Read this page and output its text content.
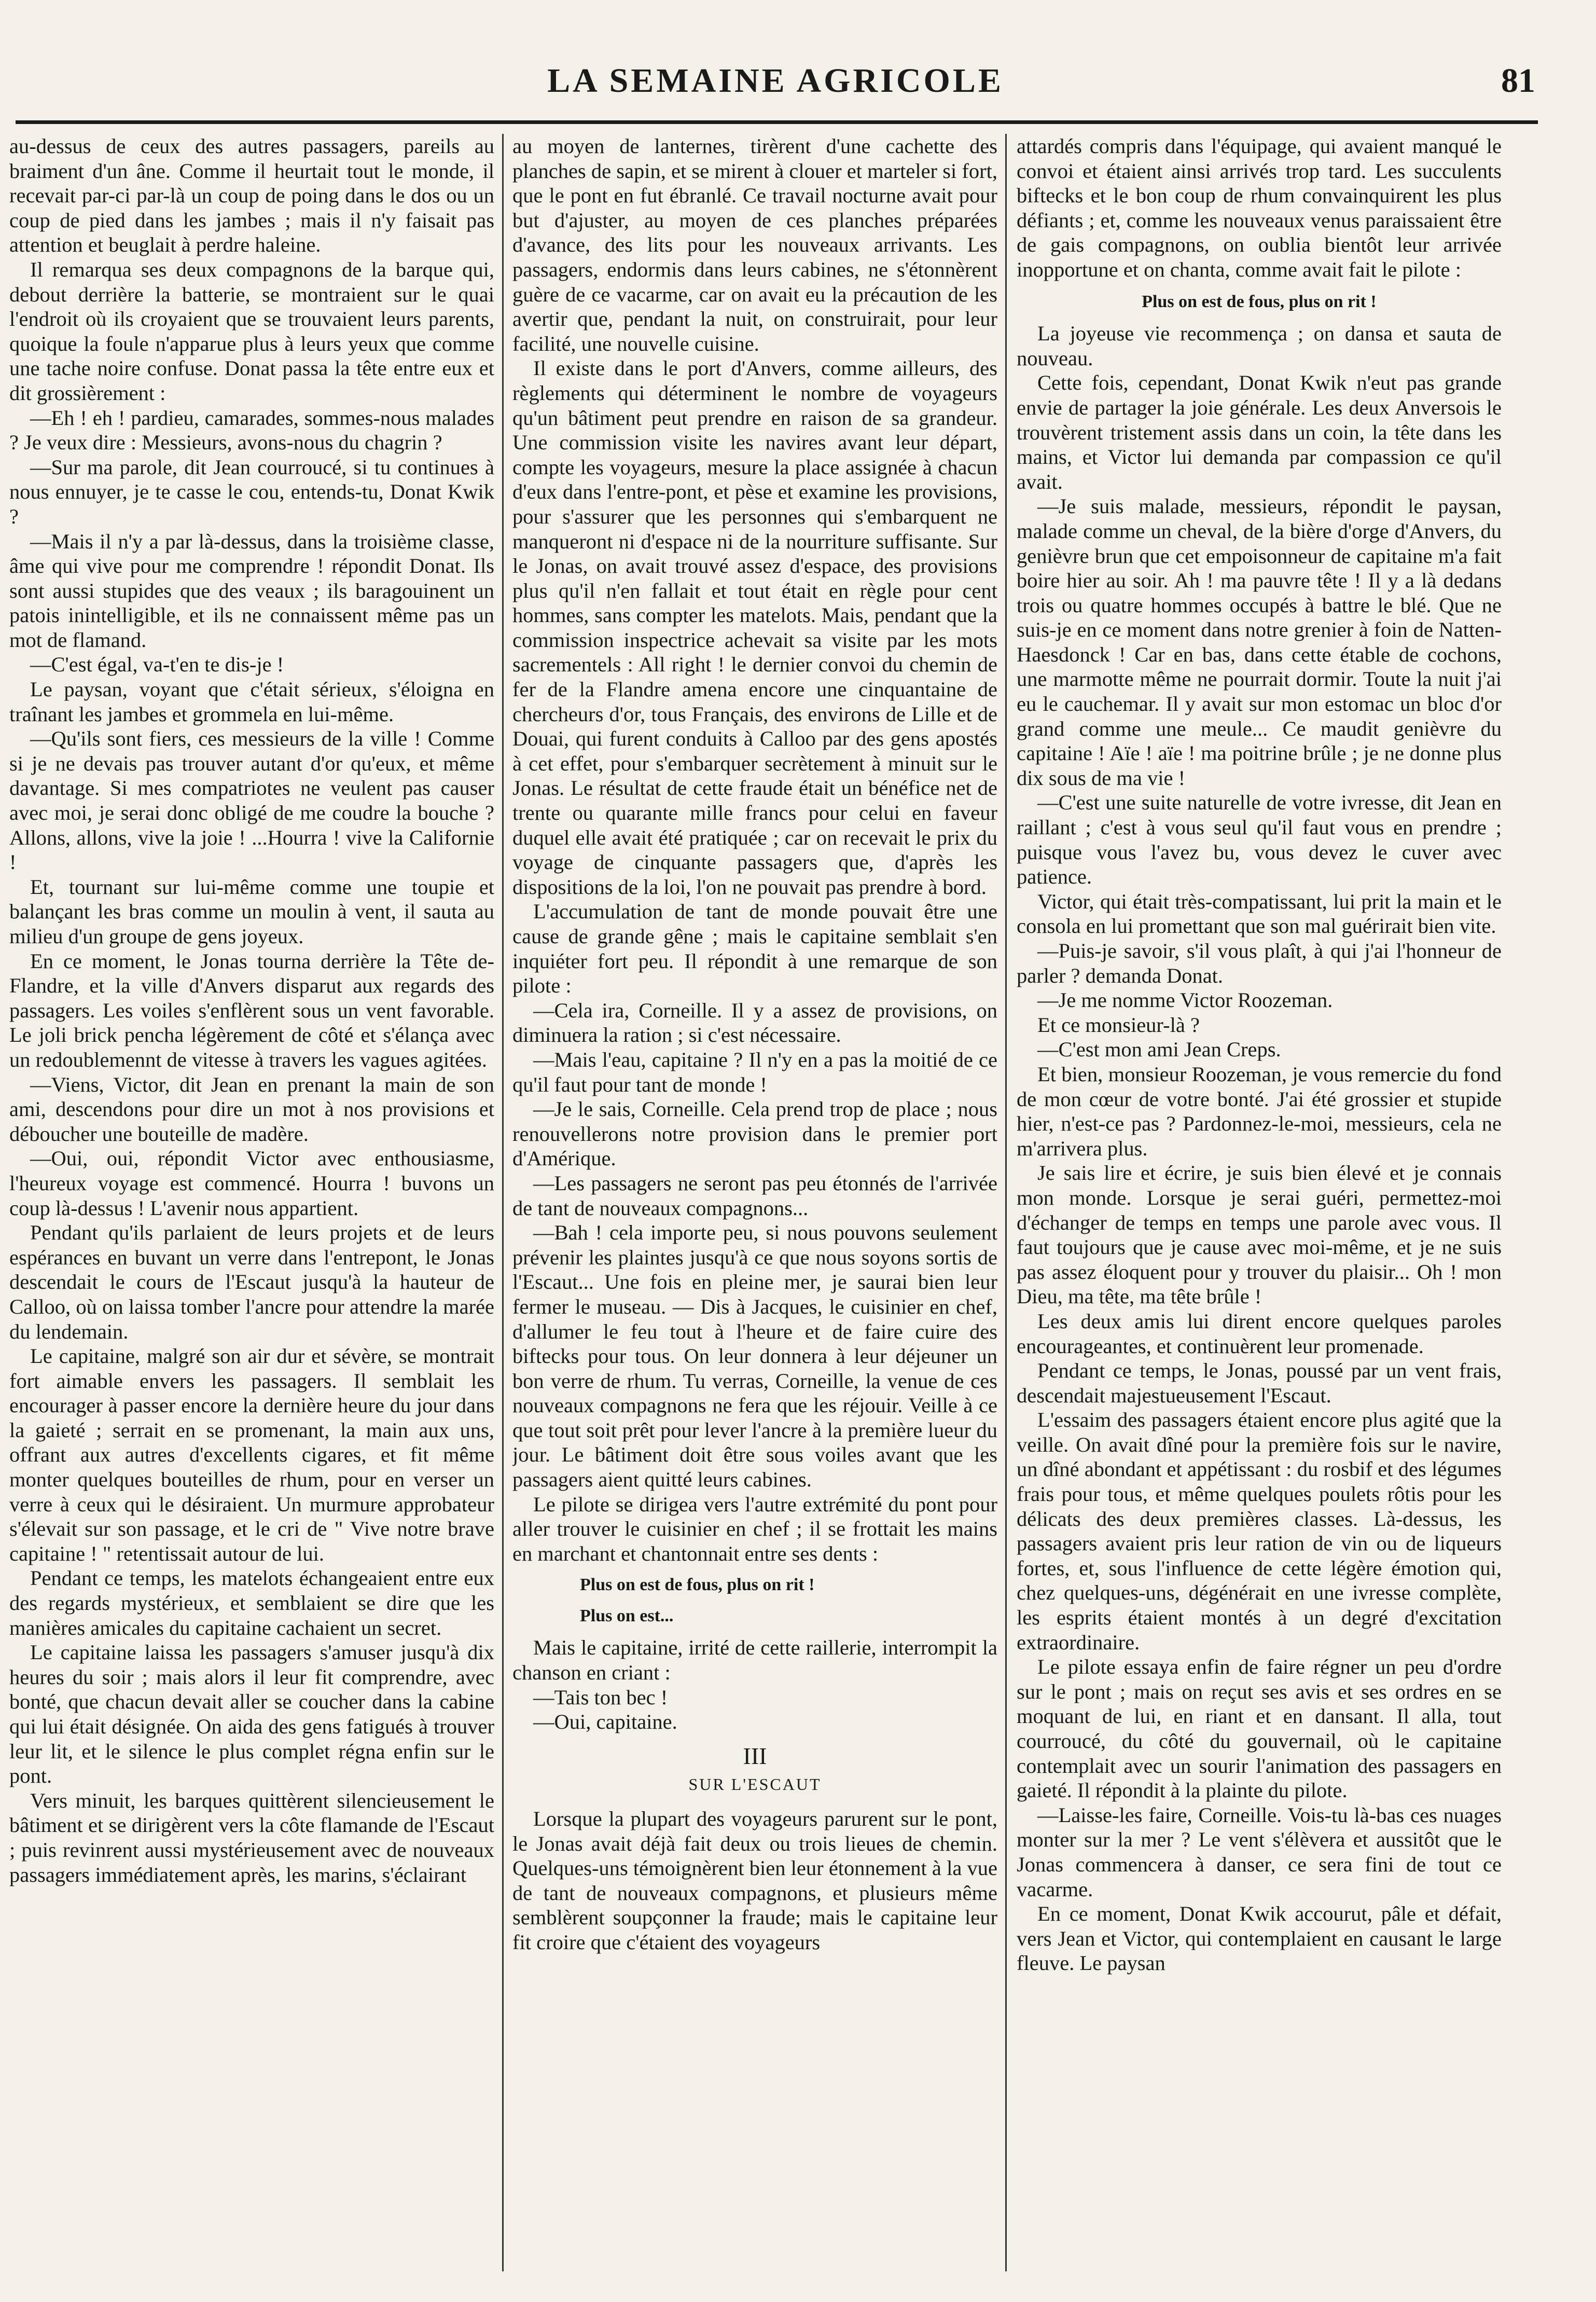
LA SEMAINE AGRICOLE	81

au-dessus de ceux des autres passagers, pareils au braiment d'un âne. Comme il heurtait tout le monde, il recevait par-ci par-là un coup de poing dans le dos ou un coup de pied dans les jambes ; mais il n'y faisait pas attention et beuglait à perdre haleine.

Il remarqua ses deux compagnons de la barque qui, debout derrière la batterie, se montraient sur le quai l'endroit où ils croyaient que se trouvaient leurs parents, quoique la foule n'apparue plus à leurs yeux que comme une tache noire confuse. Donat passa la tête entre eux et dit grossièrement :

—Eh ! eh ! pardieu, camarades, sommes-nous malades ? Je veux dire : Messieurs, avons-nous du chagrin ?

—Sur ma parole, dit Jean courroucé, si tu continues à nous ennuyer, je te casse le cou, entends-tu, Donat Kwik ?

—Mais il n'y a par là-dessus, dans la troisième classe, âme qui vive pour me comprendre ! répondit Donat. Ils sont aussi stupides que des veaux ; ils baragouinent un patois inintelligible, et ils ne connaissent même pas un mot de flamand.

—C'est égal, va-t'en te dis-je !

Le paysan, voyant que c'était sérieux, s'éloigna en traînant les jambes et grommela en lui-même.

—Qu'ils sont fiers, ces messieurs de la ville ! Comme si je ne devais pas trouver autant d'or qu'eux, et même davantage. Si mes compatriotes ne veulent pas causer avec moi, je serai donc obligé de me coudre la bouche ? Allons, allons, vive la joie ! ...Hourra ! vive la Californie !

Et, tournant sur lui-même comme une toupie et balançant les bras comme un moulin à vent, il sauta au milieu d'un groupe de gens joyeux.

En ce moment, le Jonas tourna derrière la Tête de-Flandre, et la ville d'Anvers disparut aux regards des passagers. Les voiles s'enflèrent sous un vent favorable. Le joli brick pencha légèrement de côté et s'élança avec un redoublemennt de vitesse à travers les vagues agitées.

—Viens, Victor, dit Jean en prenant la main de son ami, descendons pour dire un mot à nos provisions et déboucher une bouteille de madère.

—Oui, oui, répondit Victor avec enthousiasme, l'heureux voyage est commencé. Hourra ! buvons un coup là-dessus ! L'avenir nous appartient.

Pendant qu'ils parlaient de leurs projets et de leurs espérances en buvant un verre dans l'entrepont, le Jonas descendait le cours de l'Escaut jusqu'à la hauteur de Calloo, où on laissa tomber l'ancre pour attendre la marée du lendemain.

Le capitaine, malgré son air dur et sévère, se montrait fort aimable envers les passagers. Il semblait les encourager à passer encore la dernière heure du jour dans la gaieté ; serrait en se promenant, la main aux uns, offrant aux autres d'excellents cigares, et fit même monter quelques bouteilles de rhum, pour en verser un verre à ceux qui le désiraient. Un murmure approbateur s'élevait sur son passage, et le cri de " Vive notre brave capitaine ! " retentissait autour de lui.

Pendant ce temps, les matelots échangeaient entre eux des regards mystérieux, et semblaient se dire que les manières amicales du capitaine cachaient un secret.

Le capitaine laissa les passagers s'amuser jusqu'à dix heures du soir ; mais alors il leur fit comprendre, avec bonté, que chacun devait aller se coucher dans la cabine qui lui était désignée. On aida des gens fatigués à trouver leur lit, et le silence le plus complet régna enfin sur le pont.

Vers minuit, les barques quittèrent silencieusement le bâtiment et se dirigèrent vers la côte flamande de l'Escaut ; puis revinrent aussi mystérieusement avec de nouveaux passagers immédiatement après, les marins, s'éclairant

au moyen de lanternes, tirèrent d'une cachette des planches de sapin, et se mirent à clouer et marteler si fort, que le pont en fut ébranlé. Ce travail nocturne avait pour but d'ajuster, au moyen de ces planches préparées d'avance, des lits pour les nouveaux arrivants. Les passagers, endormis dans leurs cabines, ne s'étonnèrent guère de ce vacarme, car on avait eu la précaution de les avertir que, pendant la nuit, on construirait, pour leur facilité, une nouvelle cuisine.

Il existe dans le port d'Anvers, comme ailleurs, des règlements qui déterminent le nombre de voyageurs qu'un bâtiment peut prendre en raison de sa grandeur. Une commission visite les navires avant leur départ, compte les voyageurs, mesure la place assignée à chacun d'eux dans l'entre-pont, et pèse et examine les provisions, pour s'assurer que les personnes qui s'embarquent ne manqueront ni d'espace ni de la nourriture suffisante. Sur le Jonas, on avait trouvé assez d'espace, des provisions plus qu'il n'en fallait et tout était en règle pour cent hommes, sans compter les matelots. Mais, pendant que la commission inspectrice achevait sa visite par les mots sacrementels : All right ! le dernier convoi du chemin de fer de la Flandre amena encore une cinquantaine de chercheurs d'or, tous Français, des environs de Lille et de Douai, qui furent conduits à Calloo par des gens apostés à cet effet, pour s'embarquer secrètement à minuit sur le Jonas. Le résultat de cette fraude était un bénéfice net de trente ou quarante mille francs pour celui en faveur duquel elle avait été pratiquée ; car on recevait le prix du voyage de cinquante passagers que, d'après les dispositions de la loi, l'on ne pouvait pas prendre à bord.

L'accumulation de tant de monde pouvait être une cause de grande gêne ; mais le capitaine semblait s'en inquiéter fort peu. Il répondit à une remarque de son pilote :

—Cela ira, Corneille. Il y a assez de provisions, on diminuera la ration ; si c'est nécessaire.

—Mais l'eau, capitaine ? Il n'y en a pas la moitié de ce qu'il faut pour tant de monde !

—Je le sais, Corneille. Cela prend trop de place ; nous renouvellerons notre provision dans le premier port d'Amérique.

—Les passagers ne seront pas peu étonnés de l'arrivée de tant de nouveaux compagnons...

—Bah ! cela importe peu, si nous pouvons seulement prévenir les plaintes jusqu'à ce que nous soyons sortis de l'Escaut... Une fois en pleine mer, je saurai bien leur fermer le museau. — Dis à Jacques, le cuisinier en chef, d'allumer le feu tout à l'heure et de faire cuire des biftecks pour tous. On leur donnera à leur déjeuner un bon verre de rhum. Tu verras, Corneille, la venue de ces nouveaux compagnons ne fera que les réjouir. Veille à ce que tout soit prêt pour lever l'ancre à la première lueur du jour. Le bâtiment doit être sous voiles avant que les passagers aient quitté leurs cabines.

Le pilote se dirigea vers l'autre extrémité du pont pour aller trouver le cuisinier en chef ; il se frottait les mains en marchant et chantonnait entre ses dents :

Plus on est de fous, plus on rit !

Plus on est...

Mais le capitaine, irrité de cette raillerie, interrompit la chanson en criant :

—Tais ton bec !

—Oui, capitaine.

III

SUR L'ESCAUT

Lorsque la plupart des voyageurs parurent sur le pont, le Jonas avait déjà fait deux ou trois lieues de chemin. Quelques-uns témoignèrent bien leur étonnement à la vue de tant de nouveaux compagnons, et plusieurs même semblèrent soupçonner la fraude; mais le capitaine leur fit croire que c'étaient des voyageurs

attardés compris dans l'équipage, qui avaient manqué le convoi et étaient ainsi arrivés trop tard. Les succulents biftecks et le bon coup de rhum convainquirent les plus défiants ; et, comme les nouveaux venus paraissaient être de gais compagnons, on oublia bientôt leur arrivée inopportune et on chanta, comme avait fait le pilote :

Plus on est de fous, plus on rit !

La joyeuse vie recommença ; on dansa et sauta de nouveau.

Cette fois, cependant, Donat Kwik n'eut pas grande envie de partager la joie générale. Les deux Anversois le trouvèrent tristement assis dans un coin, la tête dans les mains, et Victor lui demanda par compassion ce qu'il avait.

—Je suis malade, messieurs, répondit le paysan, malade comme un cheval, de la bière d'orge d'Anvers, du genièvre brun que cet empoisonneur de capitaine m'a fait boire hier au soir. Ah ! ma pauvre tête ! Il y a là dedans trois ou quatre hommes occupés à battre le blé. Que ne suis-je en ce moment dans notre grenier à foin de Natten-Haesdonck ! Car en bas, dans cette étable de cochons, une marmotte même ne pourrait dormir. Toute la nuit j'ai eu le cauchemar. Il y avait sur mon estomac un bloc d'or grand comme une meule... Ce maudit genièvre du capitaine ! Aïe ! aïe ! ma poitrine brûle ; je ne donne plus dix sous de ma vie !

—C'est une suite naturelle de votre ivresse, dit Jean en raillant ; c'est à vous seul qu'il faut vous en prendre ; puisque vous l'avez bu, vous devez le cuver avec patience.

Victor, qui était très-compatissant, lui prit la main et le consola en lui promettant que son mal guérirait bien vite.

—Puis-je savoir, s'il vous plaît, à qui j'ai l'honneur de parler ? demanda Donat.

—Je me nomme Victor Roozeman.

Et ce monsieur-là ?

—C'est mon ami Jean Creps.

Et bien, monsieur Roozeman, je vous remercie du fond de mon cœur de votre bonté. J'ai été grossier et stupide hier, n'est-ce pas ? Pardonnez-le-moi, messieurs, cela ne m'arrivera plus.

Je sais lire et écrire, je suis bien élevé et je connais mon monde. Lorsque je serai guéri, permettez-moi d'échanger de temps en temps une parole avec vous. Il faut toujours que je cause avec moi-même, et je ne suis pas assez éloquent pour y trouver du plaisir... Oh ! mon Dieu, ma tête, ma tête brûle !

Les deux amis lui dirent encore quelques paroles encourageantes, et continuèrent leur promenade.

Pendant ce temps, le Jonas, poussé par un vent frais, descendait majestueusement l'Escaut.

L'essaim des passagers étaient encore plus agité que la veille. On avait dîné pour la première fois sur le navire, un dîné abondant et appétissant : du rosbif et des légumes frais pour tous, et même quelques poulets rôtis pour les délicats des deux premières classes. Là-dessus, les passagers avaient pris leur ration de vin ou de liqueurs fortes, et, sous l'influence de cette légère émotion qui, chez quelques-uns, dégénérait en une ivresse complète, les esprits étaient montés à un degré d'excitation extraordinaire.

Le pilote essaya enfin de faire régner un peu d'ordre sur le pont ; mais on reçut ses avis et ses ordres en se moquant de lui, en riant et en dansant. Il alla, tout courroucé, du côté du gouvernail, où le capitaine contemplait avec un sourir l'animation des passagers en gaieté. Il répondit à la plainte du pilote.

—Laisse-les faire, Corneille. Vois-tu là-bas ces nuages monter sur la mer ? Le vent s'élèvera et aussitôt que le Jonas commencera à danser, ce sera fini de tout ce vacarme.

En ce moment, Donat Kwik accourut, pâle et défait, vers Jean et Victor, qui contemplaient en causant le large fleuve. Le paysan
